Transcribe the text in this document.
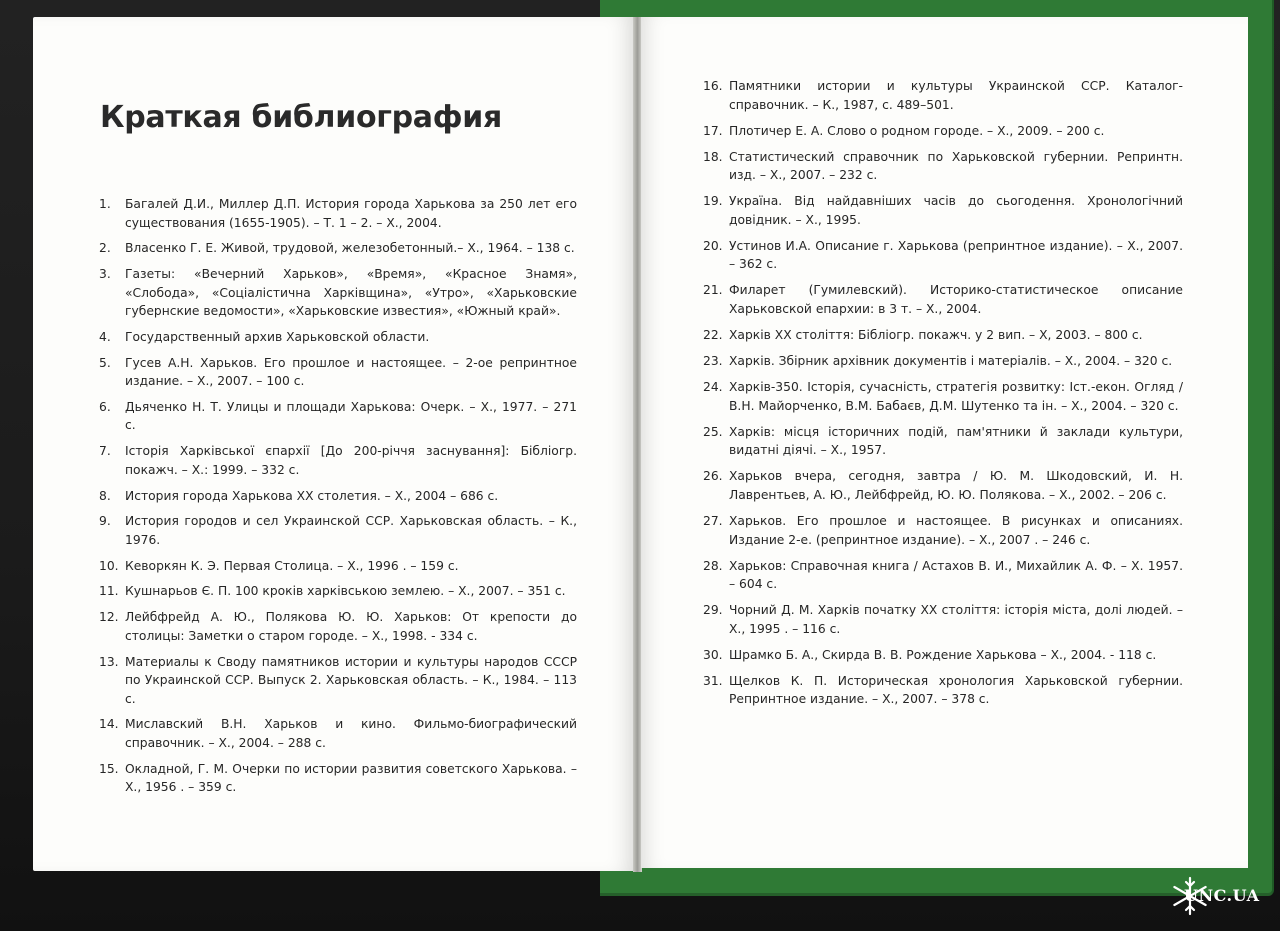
Краткая библиография
1.	Багалей Д.И., Миллер Д.П. История города Харькова за 250 лет его существования (1655-1905). – Т. 1 – 2. – Х., 2004.
2.	Власенко Г. Е. Живой, трудовой, железобетонный.– Х., 1964. – 138 с.
3.	Газеты: «Вечерний Харьков», «Время», «Красное Знамя», «Слобода», «Соціалістична Харківщина», «Утро», «Харьковские губернские ведомости», «Харьковские известия», «Южный край».
4.	Государственный архив Харьковской области.
5.	Гусев А.Н. Харьков. Его прошлое и настоящее. – 2-ое репринтное издание. – Х., 2007. – 100 с.
6.	Дьяченко Н. Т. Улицы и площади Харькова: Очерк. – Х., 1977. – 271 с.
7.	Історія Харківської єпархії [До 200-річчя заснування]: Бібліогр. покажч. – Х.: 1999. – 332 с.
8.	История города Харькова XX столетия. – Х., 2004 – 686 с.
9.	История городов и сел Украинской ССР. Харьковская область. – К., 1976.
10. Кеворкян К. Э. Первая Столица. – Х., 1996 . – 159 с.
11. Кушнарьов Є. П. 100 кроків харківською землею. – Х., 2007. – 351 с.
12. Лейбфрейд А. Ю., Полякова Ю. Ю. Харьков: От крепости до столицы: Заметки о старом городе. – Х., 1998. - 334 с.
13. Материалы к Своду памятников истории и культуры народов СССР по Украинской ССР. Выпуск 2. Харьковская область. – К., 1984. – 113 с.
14. Миславский В.Н. Харьков и кино. Фильмо-биографический справочник. – Х., 2004. – 288 с.
15. Окладной, Г. М. Очерки по истории развития советского Харькова. – Х., 1956 . – 359 с.
16. Памятники истории и культуры Украинской ССР. Каталог-справочник. – К., 1987, с. 489–501.
17. Плотичер Е. А. Слово о родном городе. – Х., 2009. – 200 с.
18. Статистический справочник по Харьковской губернии. Репринтн. изд. – Х., 2007. – 232 с.
19. Україна. Від найдавніших часів до сьогодення. Хронологічний довідник. – Х., 1995.
20. Устинов И.А. Описание г. Харькова (репринтное издание). – Х., 2007. – 362 с.
21. Филарет (Гумилевский). Историко-статистическое описание Харьковской епархии: в 3 т. – Х., 2004.
22. Харків XX століття: Бібліогр. покажч. у 2 вип. – Х, 2003. – 800 с.
23. Харків. Збірник архівник документів і матеріалів. – Х., 2004. – 320 с.
24. Харків-350. Історія, сучасність, стратегія розвитку: Іст.-екон. Огляд /В.Н. Майорченко, В.М. Бабаєв, Д.М. Шутенко та ін. – Х., 2004. – 320 с.
25. Харків: місця історичних подій, пам'ятники й заклади культури, видатні діячі. – Х., 1957.
26. Харьков вчера, сегодня, завтра / Ю. М. Шкодовский, И. Н. Лаврентьев, А. Ю., Лейбфрейд, Ю. Ю. Полякова. – Х., 2002. – 206 с.
27. Харьков. Его прошлое и настоящее. В рисунках и описаниях. Издание 2-е. (репринтное издание). – Х., 2007 . – 246 с.
28. Харьков: Справочная книга / Астахов В. И., Михайлик А. Ф. – Х. 1957. – 604 с.
29. Чорний Д. М. Харків початку XX століття: історія міста, долі людей. – Х., 1995 . – 116 с.
30. Шрамко Б. А., Скирда В. В. Рождение Харькова – Х., 2004. - 118 с.
31. Щелков К. П. Историческая хронология Харьковской губернии. Репринтное издание. – Х., 2007. – 378 с.
UNC.UA
